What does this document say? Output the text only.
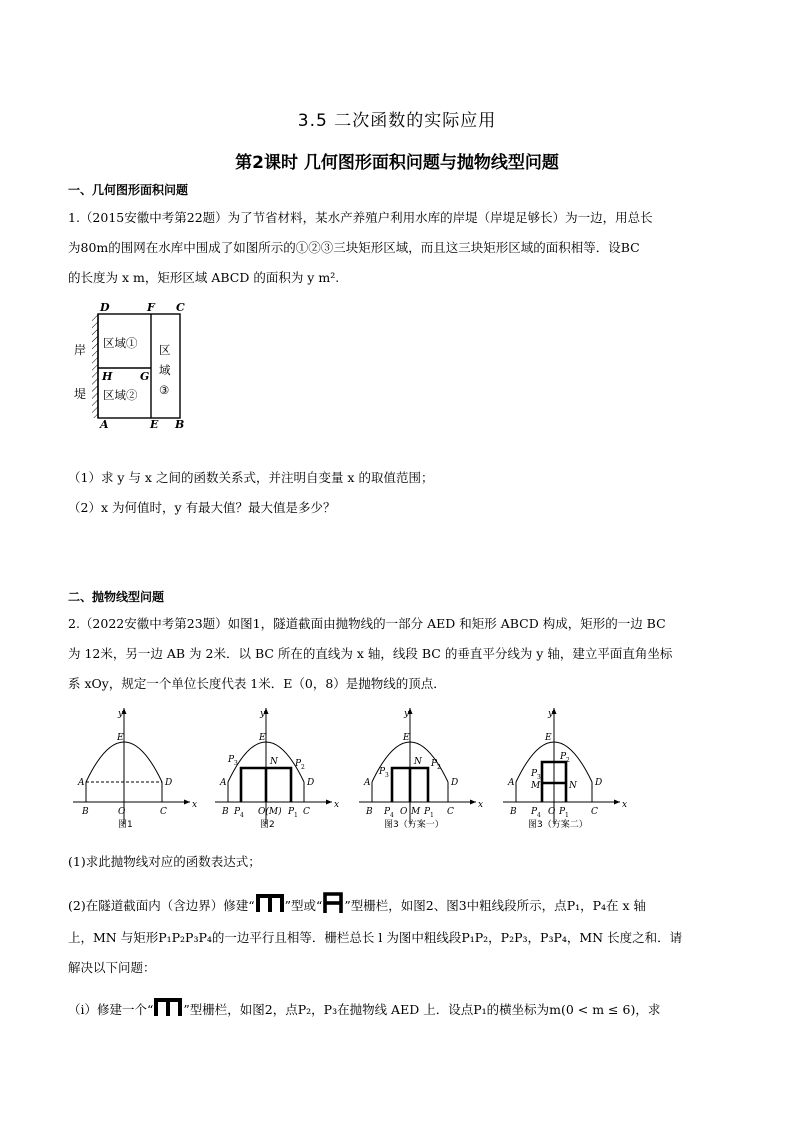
3.5 二次函数的实际应用
第2课时 几何图形面积问题与抛物线型问题
一、几何图形面积问题
1.（2015安徽中考第22题）为了节省材料，某水产养殖户利用水库的岸堤（岸堤足够长）为一边，用总长
为80m的围网在水库中围成了如图所示的①②③三块矩形区域，而且这三块矩形区域的面积相等．设BC
的长度为 x m，矩形区域 ABCD 的面积为 y m².
D	F C
H	G
A	E B
岸
堤
区域①
区域②
区
域
③
（1）求 y 与 x 之间的函数关系式，并注明自变量 x 的取值范围；
（2）x 为何值时，y 有最大值？最大值是多少？
二、抛物线型问题
2.（2022安徽中考第23题）如图1，隧道截面由抛物线的一部分 AED 和矩形 ABCD 构成，矩形的一边 BC
为 12米，另一边 AB 为 2米．以 BC 所在的直线为 x 轴，线段 BC 的垂直平分线为 y 轴，建立平面直角坐标
系 xOy，规定一个单位长度代表 1米．E（0，8）是抛物线的顶点．
y
x
E
A	D
B	O	C
图1
y
x
E
N
P 3	P 2
A	D
B P 4 O(M) P 1 C
图2
y
x
E
N
P 3
P 2
A	D
B P 4 O M P 1 C
图3（方案一）
y
x
E
P 2
P 3
M	N
A	D
B P 4 O P 1 C
图3（方案二）
(1)求此抛物线对应的函数表达式；
(2)在隧道截面内（含边界）修建“ ”型或“ ”型栅栏，如图2、图3中粗线段所示，点P₁，P₄在 x 轴
上，MN 与矩形P₁P₂P₃P₄的一边平行且相等．栅栏总长 l 为图中粗线段P₁P₂，P₂P₃，P₃P₄，MN 长度之和．请
解决以下问题：
（ⅰ）修建一个“ ”型栅栏，如图2，点P₂，P₃在抛物线 AED 上．设点P₁的横坐标为m(0 < m ≤ 6)，求
